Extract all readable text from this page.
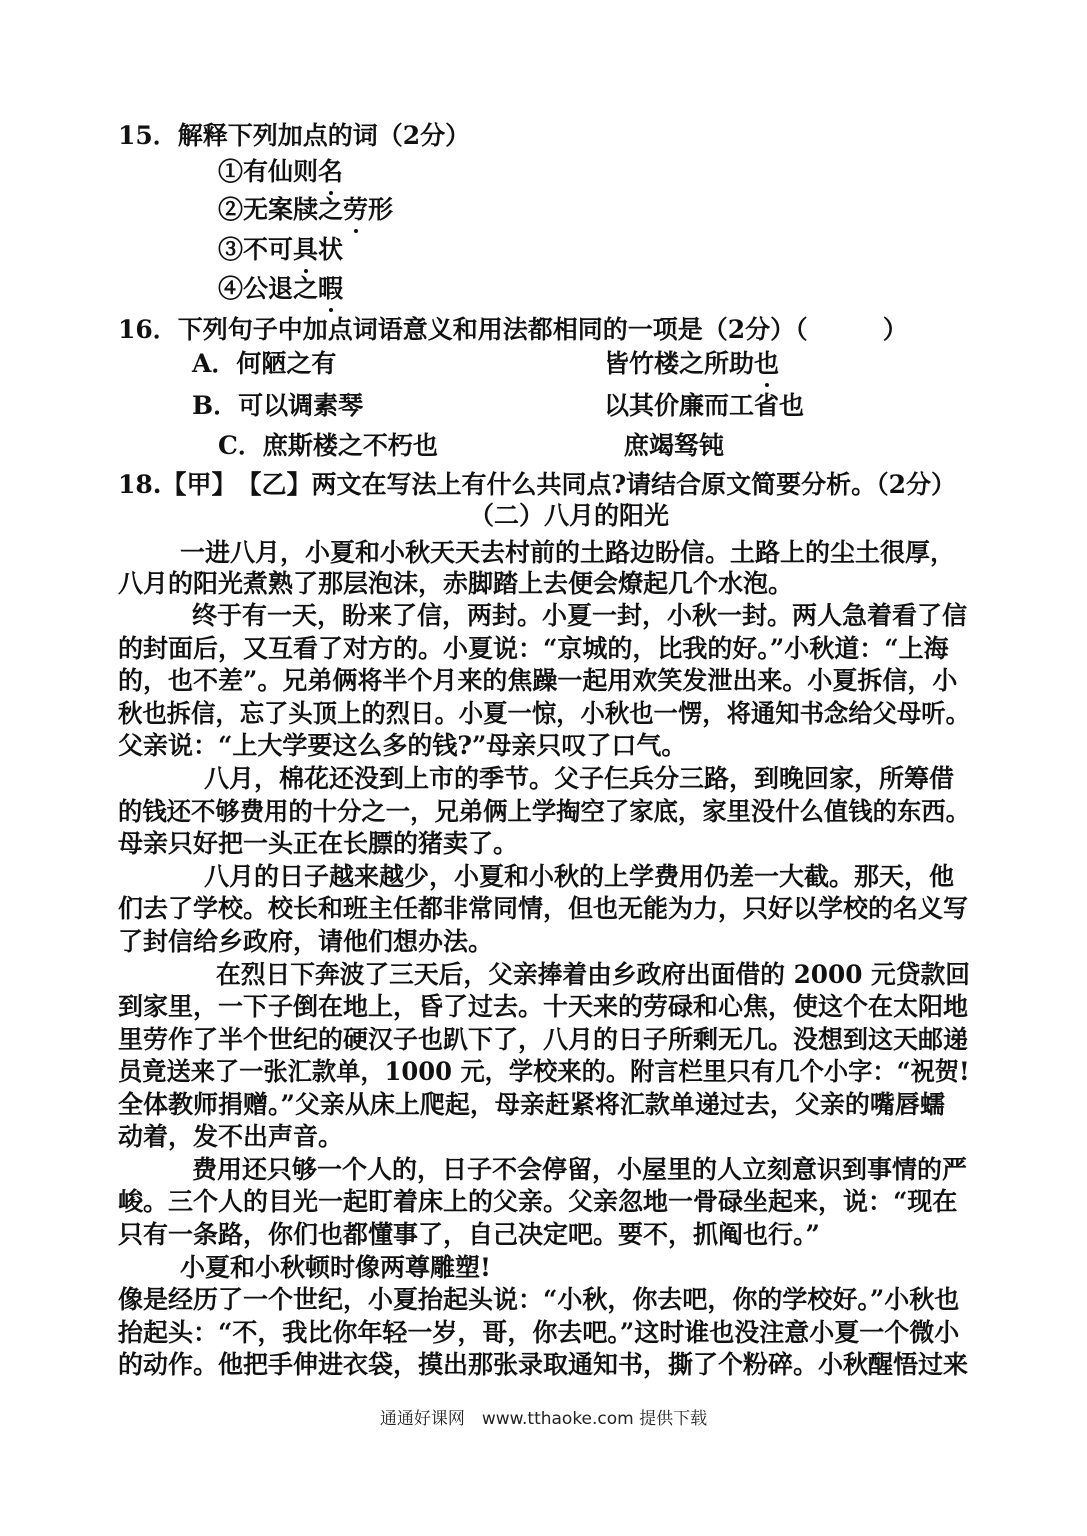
15．解释下列加点的词（2分）
①有仙则名
②无案牍之劳形
③不可具状
④公退之暇
16．下列句子中加点词语意义和用法都相同的一项是（2分）（　　　）
A．何陋之有	皆竹楼之所助也
B．可以调素琴	以其价廉而工省也
C．庶斯楼之不朽也	庶竭驽钝
18.【甲】　【乙】两文在写法上有什么共同点?请结合原文简要分析。（2分）
（二）八月的阳光
一进八月，小夏和小秋天天去村前的土路边盼信。土路上的尘土很厚，
八月的阳光煮熟了那层泡沫，赤脚踏上去便会燎起几个水泡。
终于有一天，盼来了信，两封。小夏一封，小秋一封。两人急着看了信
的封面后，又互看了对方的。小夏说：“京城的，比我的好。”小秋道：“上海
的，也不差”。兄弟俩将半个月来的焦躁一起用欢笑发泄出来。小夏拆信，小
秋也拆信，忘了头顶上的烈日。小夏一惊，小秋也一愣，将通知书念给父母听。
父亲说：“上大学要这么多的钱?”母亲只叹了口气。
八月，棉花还没到上市的季节。父子仨兵分三路，到晚回家，所筹借
的钱还不够费用的十分之一，兄弟俩上学掏空了家底，家里没什么值钱的东西。
母亲只好把一头正在长膘的猪卖了。
八月的日子越来越少，小夏和小秋的上学费用仍差一大截。那天，他
们去了学校。校长和班主任都非常同情，但也无能为力，只好以学校的名义写
了封信给乡政府，请他们想办法。
在烈日下奔波了三天后，父亲捧着由乡政府出面借的 2000 元贷款回
到家里，一下子倒在地上，昏了过去。十天来的劳碌和心焦，使这个在太阳地
里劳作了半个世纪的硬汉子也趴下了，八月的日子所剩无几。没想到这天邮递
员竟送来了一张汇款单，1000 元，学校来的。附言栏里只有几个小字：“祝贺!
全体教师捐赠。”父亲从床上爬起，母亲赶紧将汇款单递过去，父亲的嘴唇蠕
动着，发不出声音。
费用还只够一个人的，日子不会停留，小屋里的人立刻意识到事情的严
峻。三个人的目光一起盯着床上的父亲。父亲忽地一骨碌坐起来，说：“现在
只有一条路，你们也都懂事了，自己决定吧。要不，抓阄也行。”
小夏和小秋顿时像两尊雕塑!
像是经历了一个世纪，小夏抬起头说：“小秋，你去吧，你的学校好。”小秋也
抬起头：“不，我比你年轻一岁，哥，你去吧。”这时谁也没注意小夏一个微小
的动作。他把手伸进衣袋，摸出那张录取通知书，撕了个粉碎。小秋醒悟过来
通通好课网　www.tthaoke.com 提供下载
